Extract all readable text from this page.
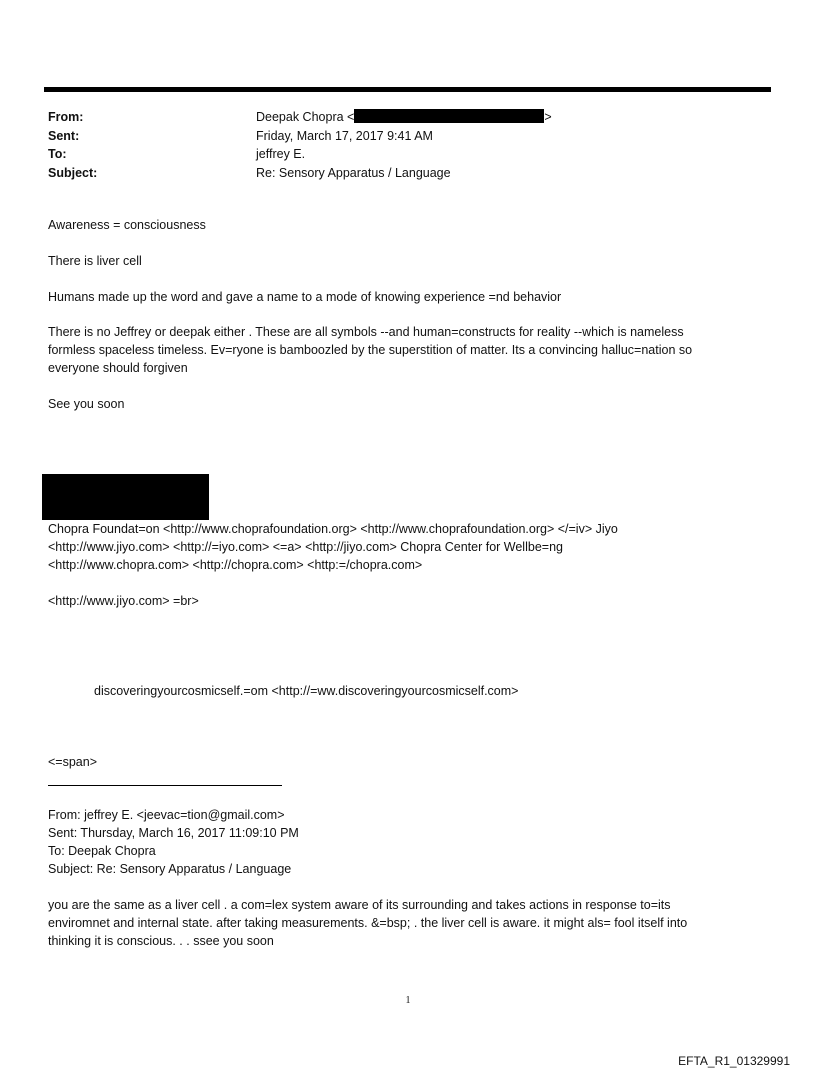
From:	Deepak Chopra <	>
Sent:	Friday, March 17, 2017 9:41 AM
To:	jeffrey E.
Subject:	Re: Sensory Apparatus / Language
Awareness = consciousness
There is liver cell
Humans made up the word and gave a name to a mode of knowing experience =nd behavior
There is no Jeffrey or deepak either . These are all symbols --and human=constructs for reality --which is nameless
formless spaceless timeless. Ev=ryone is bamboozled by the superstition of matter. Its a convincing halluc=nation so
everyone should forgiven
See you soon
Chopra Foundat=on <http://www.choprafoundation.org> <http://www.choprafoundation.org> </=iv> Jiyo
<http://www.jiyo.com> <http://=iyo.com> <=a> <http://jiyo.com> Chopra Center for Wellbe=ng
<http://www.chopra.com> <http://chopra.com> <http:=/chopra.com>
<http://www.jiyo.com> =br>
discoveringyourcosmicself.=om <http://=ww.discoveringyourcosmicself.com>
<=span>
From: jeffrey E. <jeevac=tion@gmail.com>
Sent: Thursday, March 16, 2017 11:09:10 PM
To: Deepak Chopra
Subject: Re: Sensory Apparatus / Language
you are the same as a liver cell . a com=lex system aware of its surrounding and takes actions in response to=its
enviromnet and internal state. after taking measurements. &=bsp; . the liver cell is aware. it might als= fool itself into
thinking it is conscious. . . ssee you soon
1
EFTA_R1_01329991
